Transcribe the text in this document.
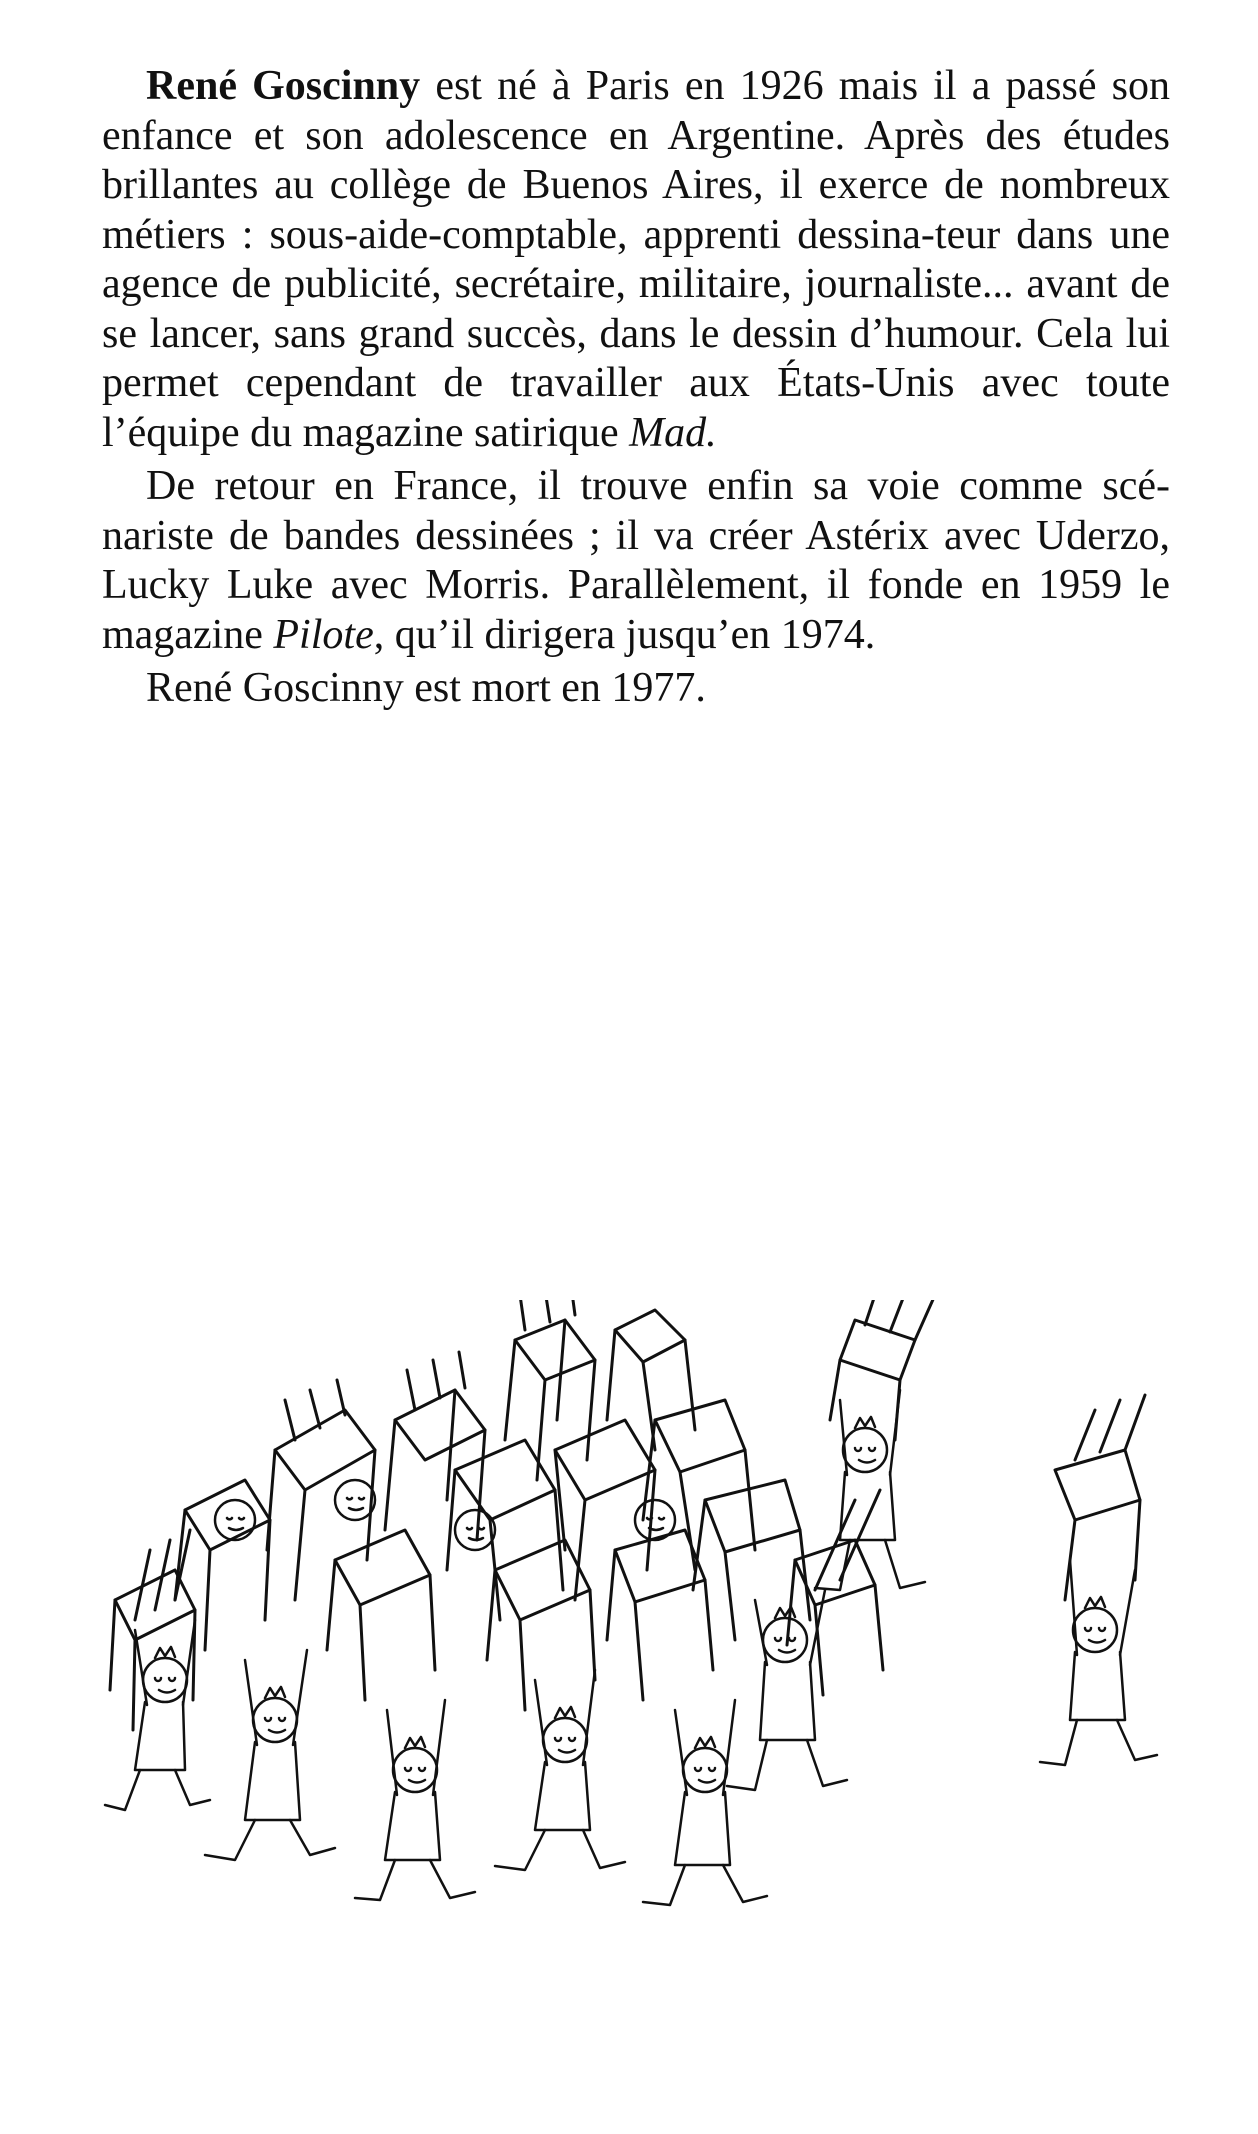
René Goscinny est né à Paris en 1926 mais il a passé son enfance et son adolescence en Argentine. Après des études brillantes au collège de Buenos Aires, il exerce de nombreux métiers : sous-aide-comptable, apprenti dessina-teur dans une agence de publicité, secrétaire, militaire, journaliste... avant de se lancer, sans grand succès, dans le dessin d’humour. Cela lui permet cependant de travailler aux États-Unis avec toute l’équipe du magazine satirique Mad.

De retour en France, il trouve enfin sa voie comme scé-nariste de bandes dessinées ; il va créer Astérix avec Uderzo, Lucky Luke avec Morris. Parallèlement, il fonde en 1959 le magazine Pilote, qu’il dirigera jusqu’en 1974.

René Goscinny est mort en 1977.
